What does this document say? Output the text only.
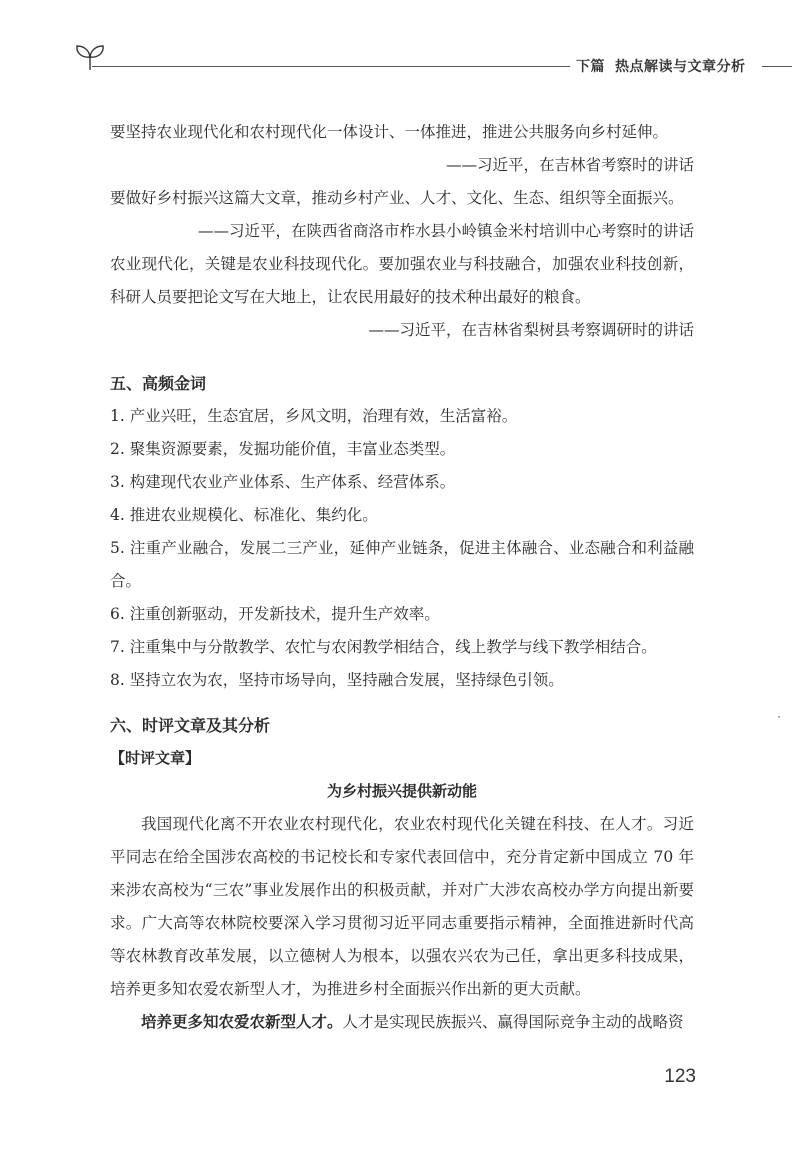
下篇 热点解读与文章分析

要坚持农业现代化和农村现代化一体设计、一体推进，推进公共服务向乡村延伸。

——习近平，在吉林省考察时的讲话

要做好乡村振兴这篇大文章，推动乡村产业、人才、文化、生态、组织等全面振兴。

——习近平，在陕西省商洛市柞水县小岭镇金米村培训中心考察时的讲话

农业现代化，关键是农业科技现代化。要加强农业与科技融合，加强农业科技创新，科研人员要把论文写在大地上，让农民用最好的技术种出最好的粮食。

——习近平，在吉林省梨树县考察调研时的讲话

五、高频金词

1. 产业兴旺，生态宜居，乡风文明，治理有效，生活富裕。

2. 聚集资源要素，发掘功能价值，丰富业态类型。

3. 构建现代农业产业体系、生产体系、经营体系。

4. 推进农业规模化、标准化、集约化。

5. 注重产业融合，发展二三产业，延伸产业链条，促进主体融合、业态融合和利益融合。

6. 注重创新驱动，开发新技术，提升生产效率。

7. 注重集中与分散教学、农忙与农闲教学相结合，线上教学与线下教学相结合。

8. 坚持立农为农，坚持市场导向，坚持融合发展，坚持绿色引领。

六、时评文章及其分析

【时评文章】

为乡村振兴提供新动能

我国现代化离不开农业农村现代化，农业农村现代化关键在科技、在人才。习近平同志在给全国涉农高校的书记校长和专家代表回信中，充分肯定新中国成立 70 年来涉农高校为“三农”事业发展作出的积极贡献，并对广大涉农高校办学方向提出新要求。广大高等农林院校要深入学习贯彻习近平同志重要指示精神，全面推进新时代高等农林教育改革发展，以立德树人为根本，以强农兴农为己任，拿出更多科技成果，培养更多知农爱农新型人才，为推进乡村全面振兴作出新的更大贡献。

培养更多知农爱农新型人才。人才是实现民族振兴、赢得国际竞争主动的战略资

123
